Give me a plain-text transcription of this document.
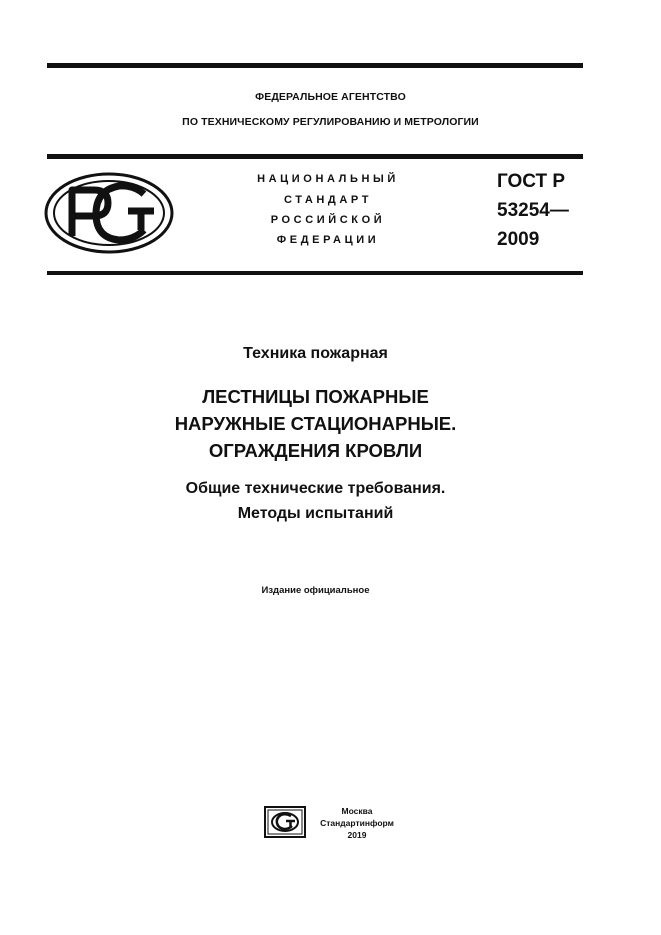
ФЕДЕРАЛЬНОЕ АГЕНТСТВО
ПО ТЕХНИЧЕСКОМУ РЕГУЛИРОВАНИЮ И МЕТРОЛОГИИ
НАЦИОНАЛЬНЫЙ
СТАНДАРТ
РОССИЙСКОЙ
ФЕДЕРАЦИИ
ГОСТ Р
53254—
2009
Техника пожарная
ЛЕСТНИЦЫ ПОЖАРНЫЕ
НАРУЖНЫЕ СТАЦИОНАРНЫЕ.
ОГРАЖДЕНИЯ КРОВЛИ
Общие технические требования.
Методы испытаний
Издание официальное
Москва
Стандартинформ
2019
